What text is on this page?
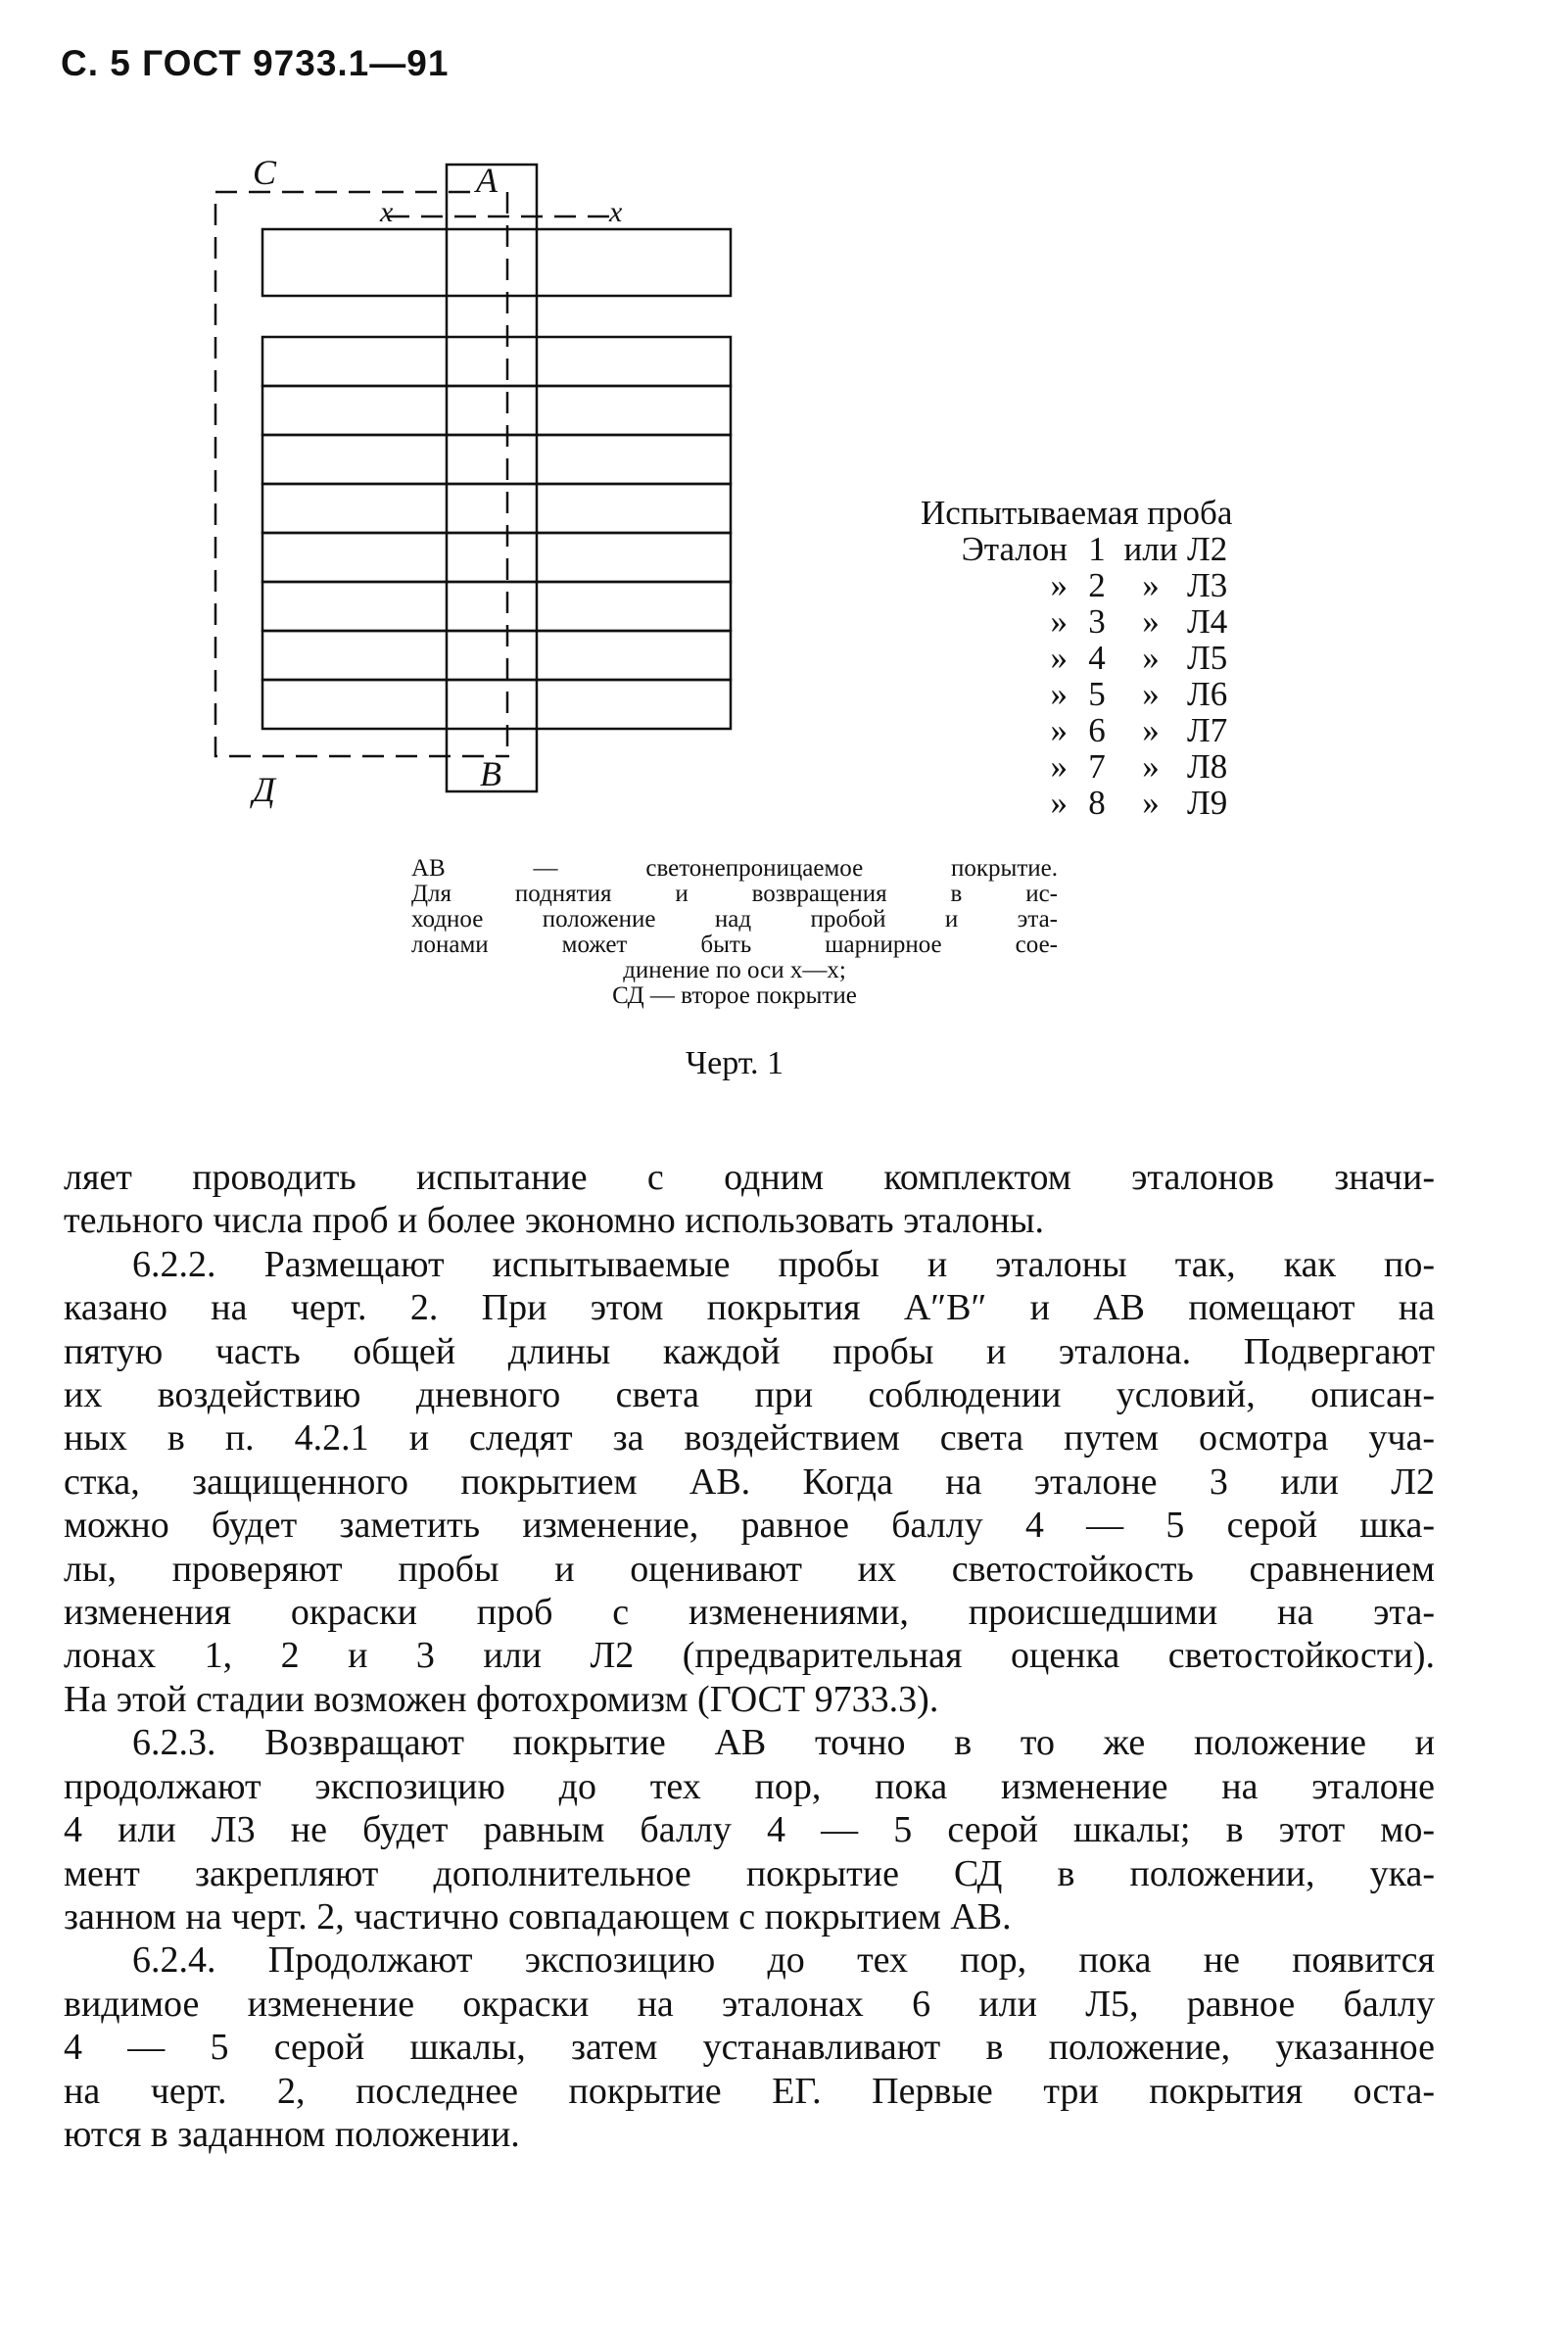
С. 5 ГОСТ 9733.1—91
A
B
C
Д
x	x
Испытываемая проба
Эталон 1 или Л2
» 2	» Л3
» 3	» Л4
» 4	» Л5
» 5	» Л6
» 6	» Л7
» 7	» Л8
» 8	» Л9
АВ — светонепроницаемое покрытие.
Для поднятия и возвращения в ис-
ходное положение над пробой и эта-
лонами может быть шарнирное сое-
динение по оси x—x;
СД — второе покрытие
Черт. 1
ляет проводить испытание с одним комплектом эталонов значи-
тельного числа проб и более экономно использовать эталоны.
6.2.2. Размещают испытываемые пробы и эталоны так, как по-
казано на черт. 2. При этом покрытия A″B″ и AB помещают на
пятую часть общей длины каждой пробы и эталона. Подвергают
их воздействию дневного света при соблюдении условий, описан-
ных в п. 4.2.1 и следят за воздействием света путем осмотра уча-
стка, защищенного покрытием AB. Когда на эталоне 3 или Л2
можно будет заметить изменение, равное баллу 4 — 5 серой шка-
лы, проверяют пробы и оценивают их светостойкость сравнением
изменения окраски проб с изменениями, происшедшими на эта-
лонах 1, 2 и 3 или Л2 (предварительная оценка светостойкости).
На этой стадии возможен фотохромизм (ГОСТ 9733.3).
6.2.3. Возвращают покрытие AB точно в то же положение и
продолжают экспозицию до тех пор, пока изменение на эталоне
4 или Л3 не будет равным баллу 4 — 5 серой шкалы; в этот мо-
мент закрепляют дополнительное покрытие СД в положении, ука-
занном на черт. 2, частично совпадающем с покрытием AB.
6.2.4. Продолжают экспозицию до тех пор, пока не появится
видимое изменение окраски на эталонах 6 или Л5, равное баллу
4 — 5 серой шкалы, затем устанавливают в положение, указанное
на черт. 2, последнее покрытие ЕГ. Первые три покрытия оста-
ются в заданном положении.
